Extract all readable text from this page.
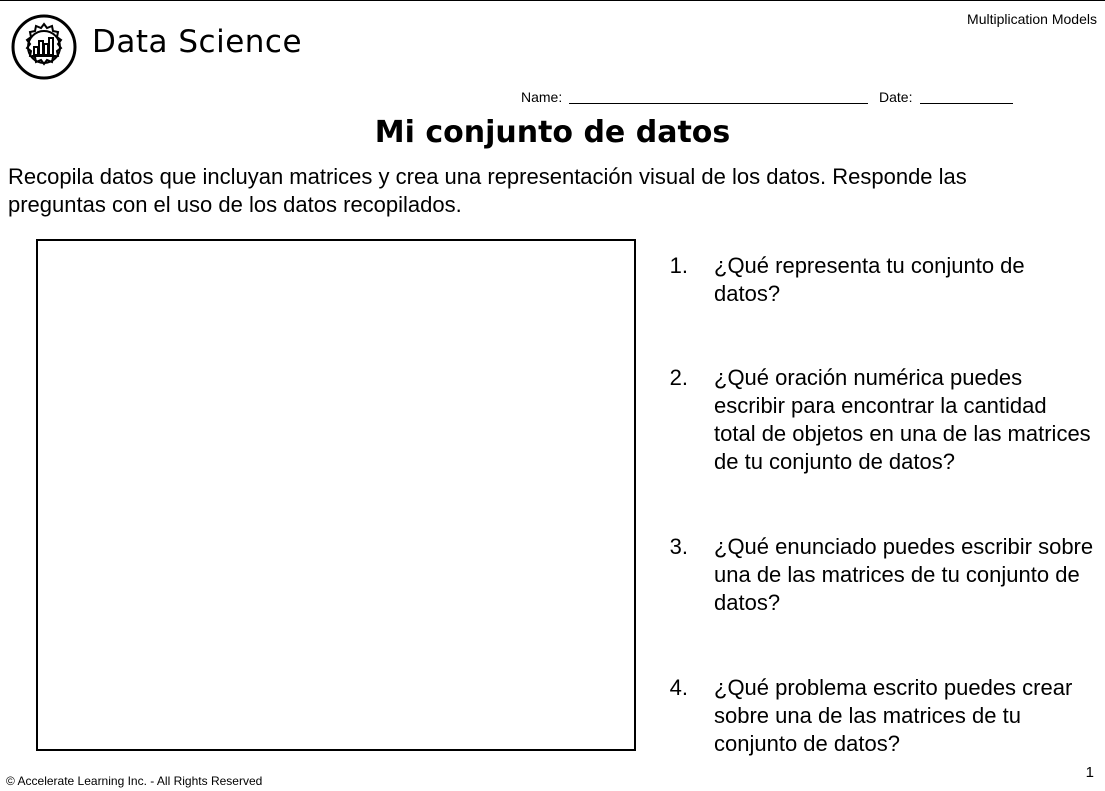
Data Science
Multiplication Models
Name:	Date:
Mi conjunto de datos

Recopila datos que incluyan matrices y crea una representación visual de los datos. Responde las preguntas con el uso de los datos recopilados.

1. ¿Qué representa tu conjunto de datos?
2. ¿Qué oración numérica puedes escribir para encontrar la cantidad total de objetos en una de las matrices de tu conjunto de datos?
3. ¿Qué enunciado puedes escribir sobre una de las matrices de tu conjunto de datos?
4. ¿Qué problema escrito puedes crear sobre una de las matrices de tu conjunto de datos?
© Accelerate Learning Inc. - All Rights Reserved	1
